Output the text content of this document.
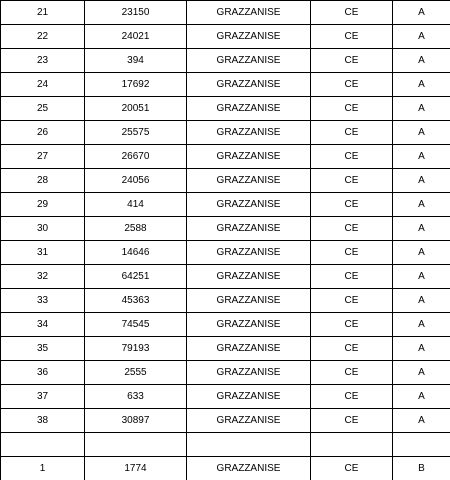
21	23150	GRAZZANISE	CE	A
22	24021	GRAZZANISE	CE	A
23	394	GRAZZANISE	CE	A
24	17692	GRAZZANISE	CE	A
25	20051	GRAZZANISE	CE	A
26	25575	GRAZZANISE	CE	A
27	26670	GRAZZANISE	CE	A
28	24056	GRAZZANISE	CE	A
29	414	GRAZZANISE	CE	A
30	2588	GRAZZANISE	CE	A
31	14646	GRAZZANISE	CE	A
32	64251	GRAZZANISE	CE	A
33	45363	GRAZZANISE	CE	A
34	74545	GRAZZANISE	CE	A
35	79193	GRAZZANISE	CE	A
36	2555	GRAZZANISE	CE	A
37	633	GRAZZANISE	CE	A
38	30897	GRAZZANISE	CE	A

1	1774	GRAZZANISE	CE	B
